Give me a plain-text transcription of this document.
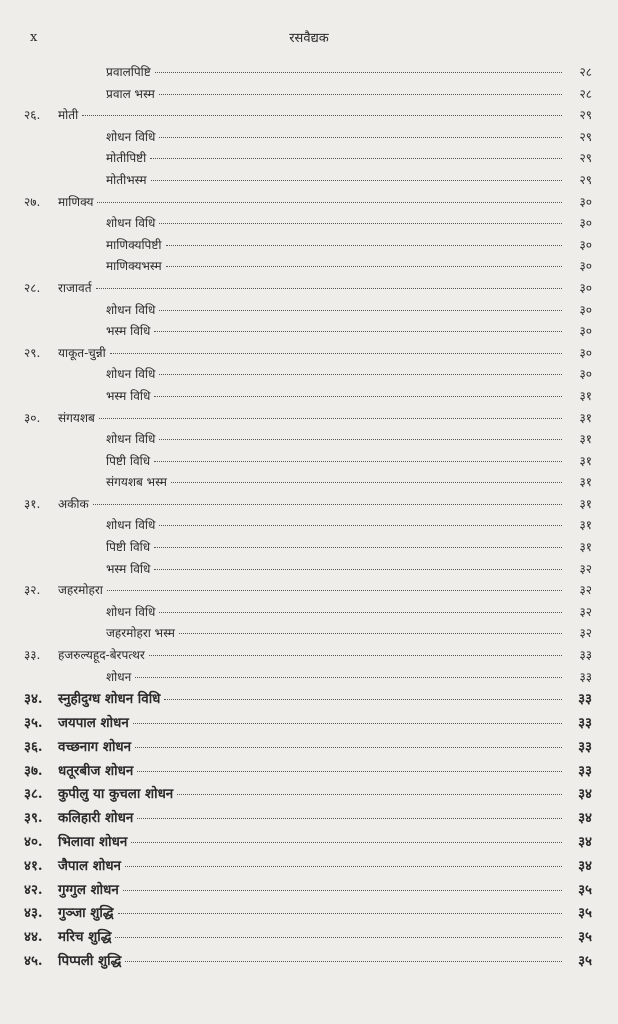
x	रसवैद्यक
प्रवालपिष्टि	२८
प्रवाल भस्म	२८
२६. मोती	२९
शोधन विधि	२९
मोतीपिष्टी	२९
मोतीभस्म	२९
२७. माणिक्य	३०
शोधन विधि	३०
माणिक्यपिष्टी	३०
माणिक्यभस्म	३०
२८. राजावर्त	३०
शोधन विधि	३०
भस्म विधि	३०
२९. याकूत-चुन्नी	३०
शोधन विधि	३०
भस्म विधि	३१
३०. संगयशब	३१
शोधन विधि	३१
पिष्टी विधि	३१
संगयशब भस्म	३१
३१. अकीक	३१
शोधन विधि	३१
पिष्टी विधि	३१
भस्म विधि	३२
३२. जहरमोहरा	३२
शोधन विधि	३२
जहरमोहरा भस्म	३२
३३. हजरुल्यहूद-बेरपत्थर	३३
शोधन	३३
३४. स्नुहीदुग्ध शोधन विधि	३३
३५. जयपाल शोधन	३३
३६. वच्छनाग शोधन	३३
३७. धतूरबीज शोधन	३३
३८. कुपीलु या कुचला शोधन	३४
३९. कलिहारी शोधन	३४
४०. भिलावा शोधन	३४
४१. जैपाल शोधन	३४
४२. गुग्गुल शोधन	३५
४३. गुञ्जा शुद्धि	३५
४४. मरिच शुद्धि	३५
४५. पिप्पली शुद्धि	३५
